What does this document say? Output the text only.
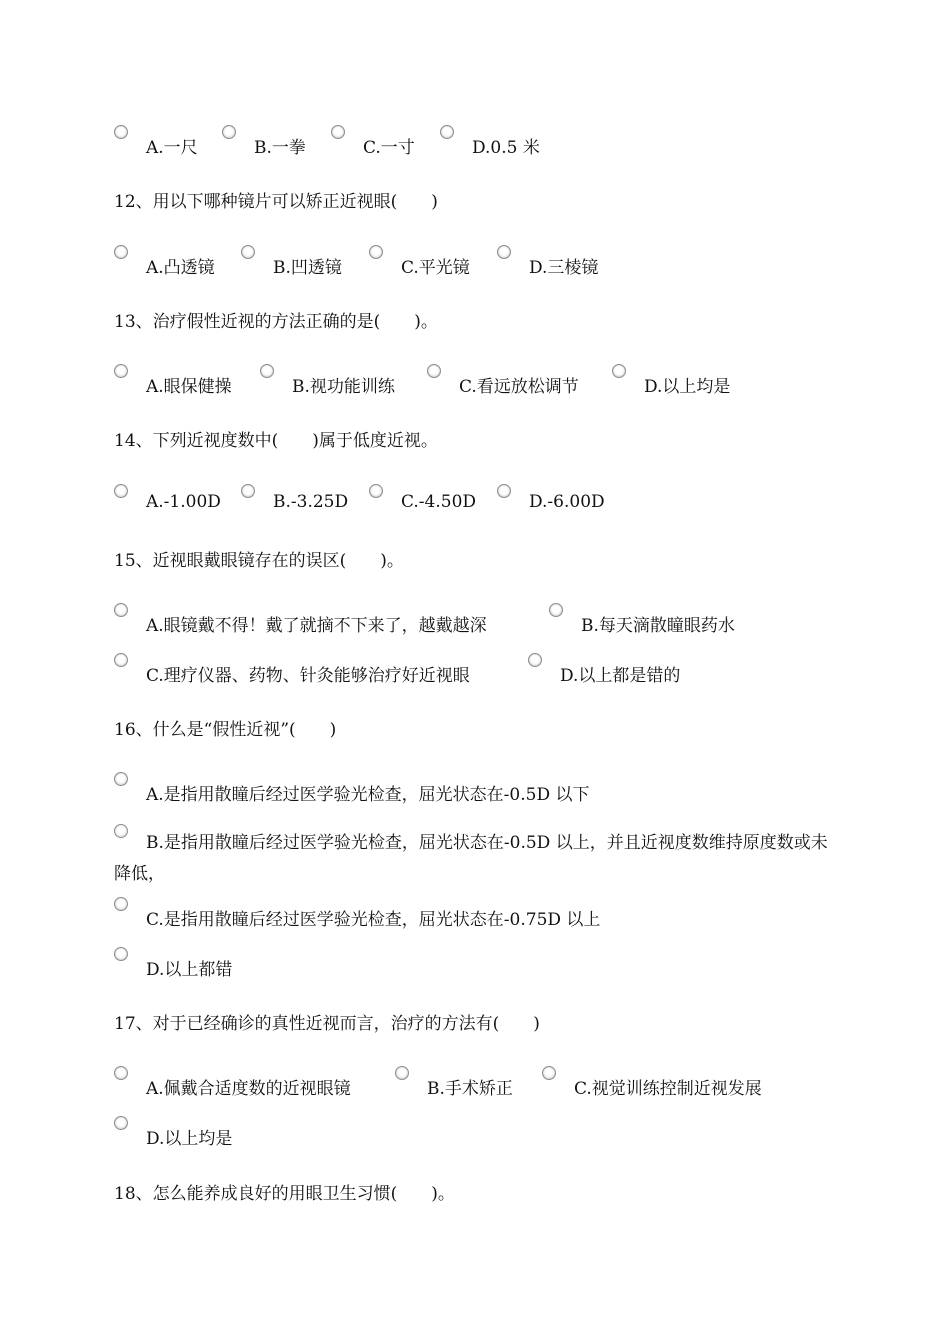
A.一尺	B.一拳	C.一寸	D.0.5 米
12、用以下哪种镜片可以矫正近视眼(　　)
A.凸透镜	B.凹透镜	C.平光镜	D.三棱镜
13、治疗假性近视的方法正确的是(　　)。
A.眼保健操	B.视功能训练	C.看远放松调节	D.以上均是
14、下列近视度数中(　　)属于低度近视。
A.-1.00D	B.-3.25D	C.-4.50D	D.-6.00D
15、近视眼戴眼镜存在的误区(　　)。
A.眼镜戴不得！戴了就摘不下来了，越戴越深	B.每天滴散瞳眼药水
C.理疗仪器、药物、针灸能够治疗好近视眼	D.以上都是错的
16、什么是“假性近视”(　　)
A.是指用散瞳后经过医学验光检查，屈光状态在-0.5D 以下
B.是指用散瞳后经过医学验光检查，屈光状态在-0.5D 以上，并且近视度数维持原度数或未降低，
C.是指用散瞳后经过医学验光检查，屈光状态在-0.75D 以上
D.以上都错
17、对于已经确诊的真性近视而言，治疗的方法有(　　)
A.佩戴合适度数的近视眼镜	B.手术矫正	C.视觉训练控制近视发展
D.以上均是
18、怎么能养成良好的用眼卫生习惯(　　)。
